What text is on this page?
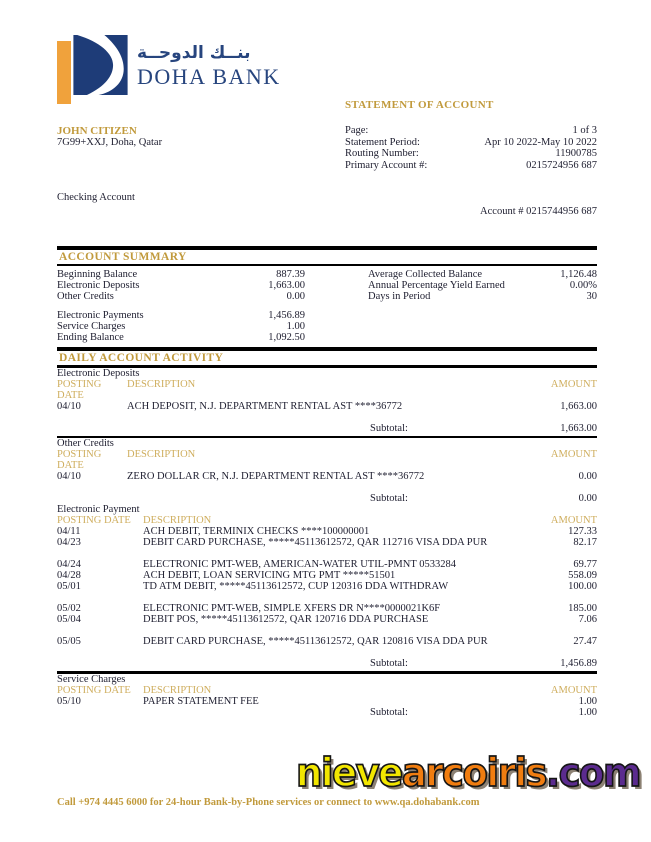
بنــك الدوحــة
DOHA BANK
STATEMENT OF ACCOUNT
JOHN CITIZEN
7G99+XXJ, Doha, Qatar
Page:	1 of 3
Statement Period:	Apr 10 2022-May 10 2022
Routing Number:	11900785
Primary Account #:	0215724956 687
Checking Account
Account # 0215744956 687
ACCOUNT SUMMARY
Beginning Balance	887.39
Electronic Deposits	1,663.00
Other Credits	0.00
Electronic Payments	1,456.89
Service Charges	1.00
Ending Balance	1,092.50
Average Collected Balance	1,126.48
Annual Percentage Yield Earned	0.00%
Days in Period	30
DAILY ACCOUNT ACTIVITY
Electronic Deposits
POSTING DATE
DESCRIPTION	AMOUNT
04/10	ACH DEPOSIT, N.J. DEPARTMENT RENTAL AST ****36772	1,663.00
Subtotal:	1,663.00
Other Credits
POSTING DATE
DESCRIPTION	AMOUNT
04/10	ZERO DOLLAR CR, N.J. DEPARTMENT RENTAL AST ****36772	0.00
Subtotal:	0.00
Electronic Payment
POSTING DATE	DESCRIPTION	AMOUNT
04/11	ACH DEBIT, TERMINIX CHECKS ****100000001	127.33
04/23	DEBIT CARD PURCHASE, *****45113612572, QAR 112716 VISA DDA PUR	82.17
04/24	ELECTRONIC PMT-WEB, AMERICAN-WATER UTIL-PMNT 0533284	69.77
04/28	ACH DEBIT, LOAN SERVICING MTG PMT *****51501	558.09
05/01	TD ATM DEBIT, *****45113612572, CUP 120316 DDA WITHDRAW	100.00
05/02	ELECTRONIC PMT-WEB, SIMPLE XFERS DR N****0000021K6F	185.00
05/04	DEBIT POS, *****45113612572, QAR 120716 DDA PURCHASE	7.06
05/05	DEBIT CARD PURCHASE, *****45113612572, QAR 120816 VISA DDA PUR	27.47
Subtotal:	1,456.89
Service Charges
POSTING DATE	DESCRIPTION	AMOUNT
05/10	PAPER STATEMENT FEE	1.00
Subtotal:	1.00
nievearcoiris.com
Call +974 4445 6000 for 24-hour Bank-by-Phone services or connect to www.qa.dohabank.com
